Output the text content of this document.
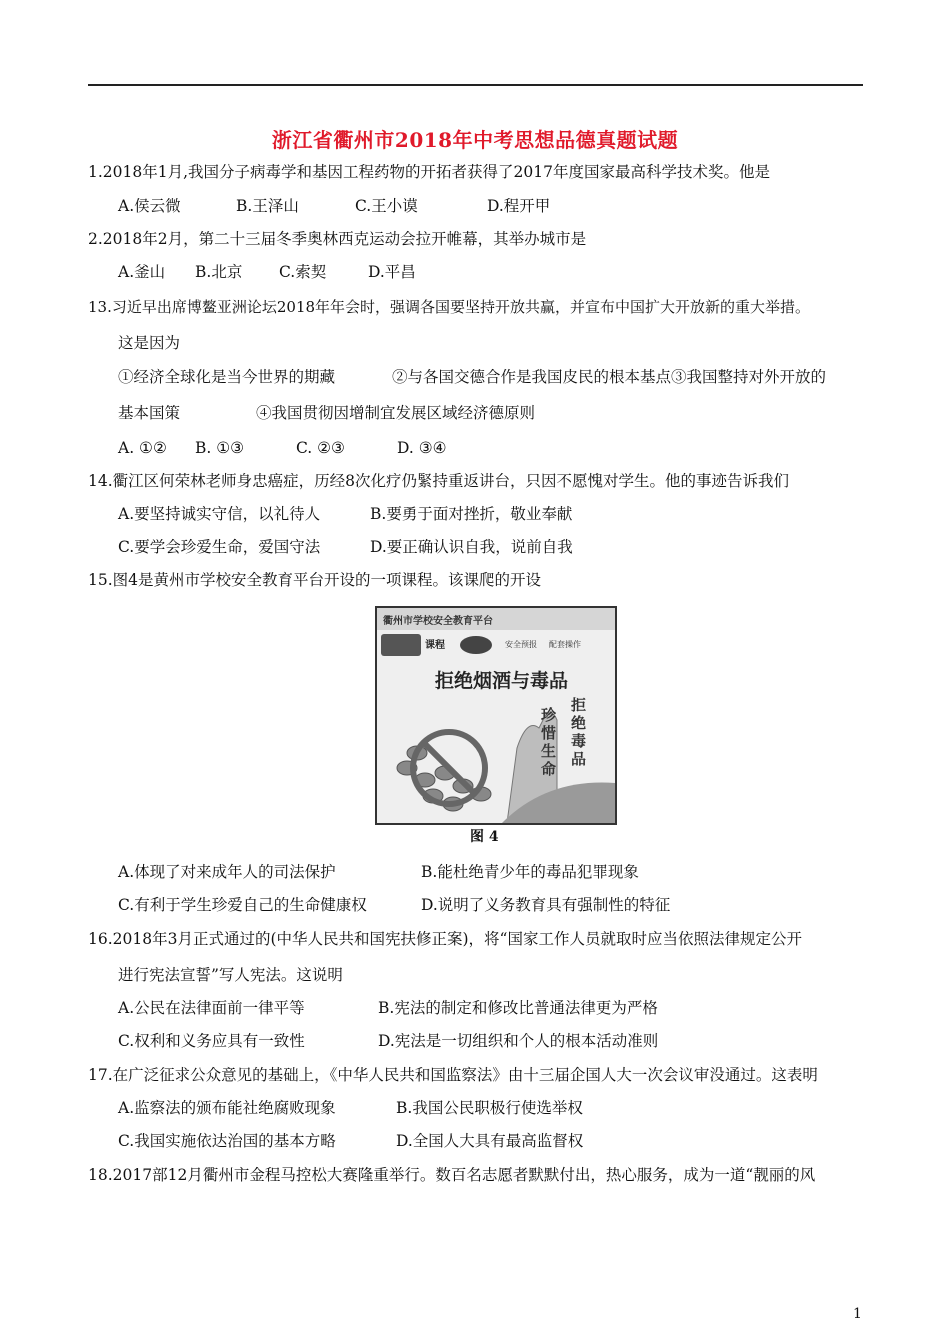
浙江省衢州市2018年中考思想品德真题试题
1.2018年1月,我国分子病毒学和基因工程药物的开拓者获得了2017年度国家最高科学技术奖。他是
A.侯云微	B.王泽山	C.王小谟	D.程开甲
2.2018年2月，第二十三届冬季奥林西克运动会拉开帷幕，其举办城市是
A.釜山 B.北京 C.索契	D.平昌
13.习近早出席博鳌亚洲论坛2018年年会时，强调各国要坚持开放共赢，并宣布中国扩大开放新的重大举措。
这是因为
①经济全球化是当今世界的期藏	②与各国交德合作是我国皮民的根本基点③我国整持对外开放的
基本国策	④我国贯彻因增制宜发展区域经济德原则
A. ①② B. ①③	C. ②③	D. ③④
14.衢江区何荣林老师身忠癌症，历经8次化疗仍緊持重返讲台，只因不愿愧对学生。他的事迹告诉我们
A.要坚持诚实守信，以礼待人	B.要勇于面对挫折，敬业奉献
C.要学会珍爱生命，爱国守法	D.要正确认识自我，说前自我
15.图4是黄州市学校安全教育平台开设的一项课程。该课爬的开设
衢州市学校安全教育平台
课程	安全预报 配套操作
拒绝烟酒与毒品
拒绝毒品
珍惜生命
图 4
A.体现了对来成年人的司法保护	B.能杜绝青少年的毒品犯罪现象
C.有利于学生珍爱自己的生命健康权	D.说明了义务教育具有强制性的特征
16.2018年3月正式通过的(中华人民共和国宪扶修正案)，将“国家工作人员就取时应当依照法律规定公开
进行宪法宣誓”写人宪法。这说明
A.公民在法律面前一律平等	B.宪法的制定和修改比普通法律更为严格
C.权利和义务应具有一致性	D.宪法是一切组织和个人的根本活动准则
17.在广泛征求公众意见的基础上，《中华人民共和国监察法》由十三届企国人大一次会议审没通过。这表明
A.监察法的颁布能社绝腐败现象	B.我国公民职极行使选举权
C.我国实施依达治国的基本方略	D.全国人大具有最高监督权
18.2017部12月衢州市金程马控松大赛隆重举行。数百名志愿者默默付出，热心服务，成为一道“靓丽的风
1
